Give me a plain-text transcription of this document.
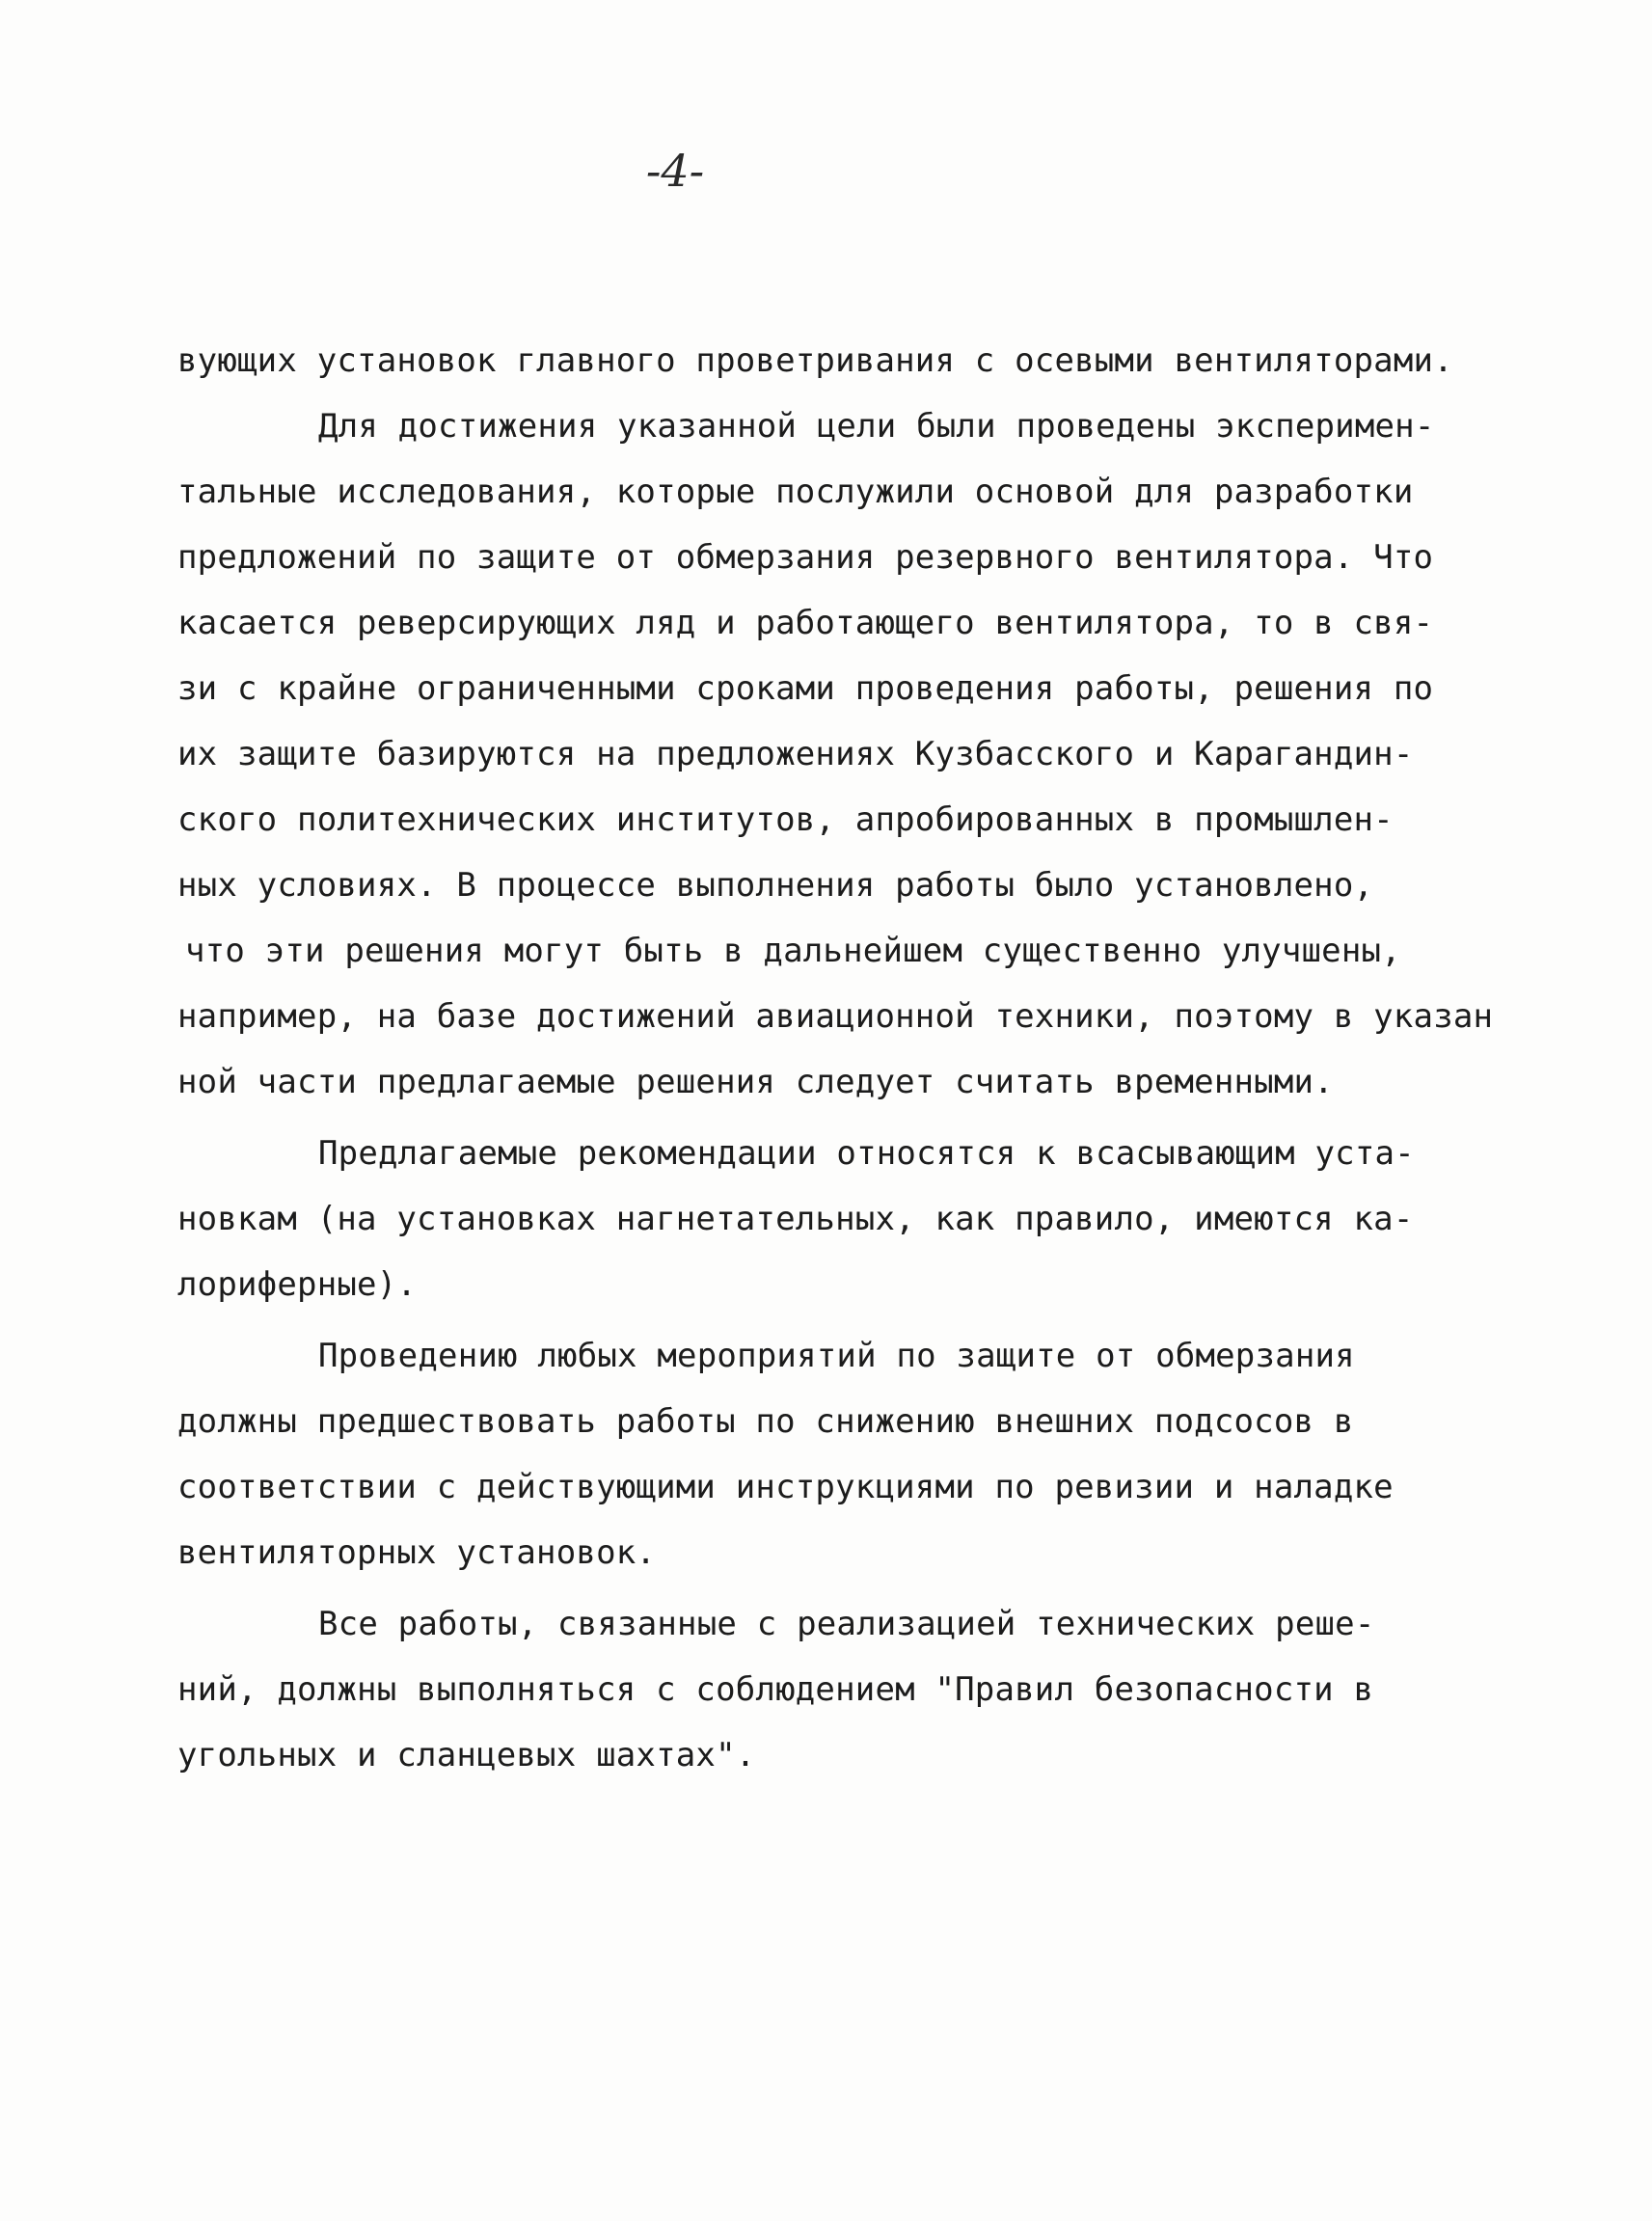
-4-
вующих установок главного проветривания с осевыми вентиляторами.
Для достижения указанной цели были проведены эксперимен-
тальные исследования, которые послужили основой для разработки
предложений по защите от обмерзания резервного вентилятора. Что
касается реверсирующих ляд и работающего вентилятора, то в свя-
зи с крайне ограниченными сроками проведения работы, решения по
их защите базируются на предложениях Кузбасского и Карагандин-
ского политехнических институтов, апробированных в промышлен-
ных условиях. В процессе выполнения работы было установлено,
что эти решения могут быть в дальнейшем существенно улучшены,
например, на базе достижений авиационной техники, поэтому в указан
ной части предлагаемые решения следует считать временными.
Предлагаемые рекомендации относятся к всасывающим уста-
новкам (на установках нагнетательных, как правило, имеются ка-
лориферные).
Проведению любых мероприятий по защите от обмерзания
должны предшествовать работы по снижению внешних подсосов в
соответствии с действующими инструкциями по ревизии и наладке
вентиляторных установок.
Все работы, связанные с реализацией технических реше-
ний, должны выполняться с соблюдением "Правил безопасности в
угольных и сланцевых шахтах".
